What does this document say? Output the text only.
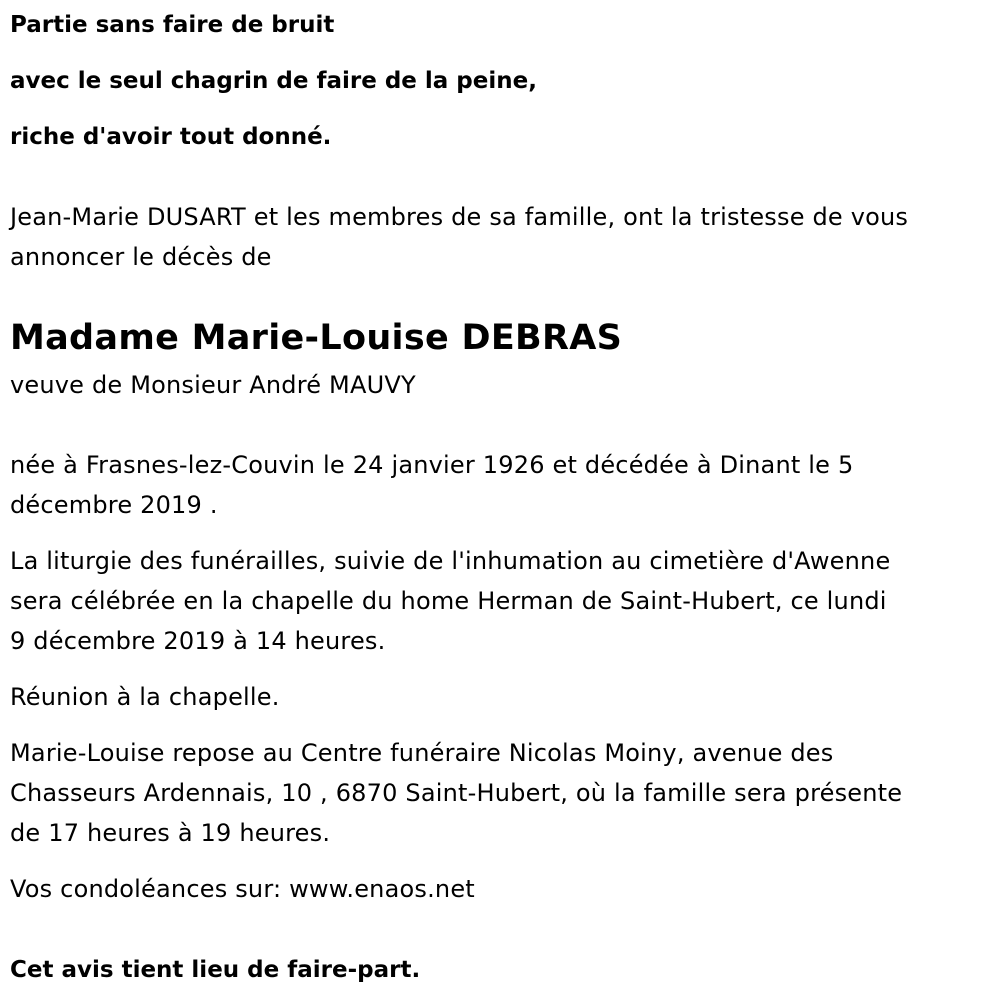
Partie sans faire de bruit

avec le seul chagrin de faire de la peine,

riche d'avoir tout donné.

Jean-Marie DUSART et les membres de sa famille, ont la tristesse de vous

annoncer le décès de

Madame Marie-Louise DEBRAS

veuve de Monsieur André MAUVY

née à Frasnes-lez-Couvin le 24 janvier 1926 et décédée à Dinant le 5

décembre 2019 .

La liturgie des funérailles, suivie de l'inhumation au cimetière d'Awenne

sera célébrée en la chapelle du home Herman de Saint-Hubert, ce lundi

9 décembre 2019 à 14 heures.

Réunion à la chapelle.

Marie-Louise repose au Centre funéraire Nicolas Moiny, avenue des

Chasseurs Ardennais, 10 , 6870 Saint-Hubert, où la famille sera présente

de 17 heures à 19 heures.

Vos condoléances sur: www.enaos.net

Cet avis tient lieu de faire-part.
